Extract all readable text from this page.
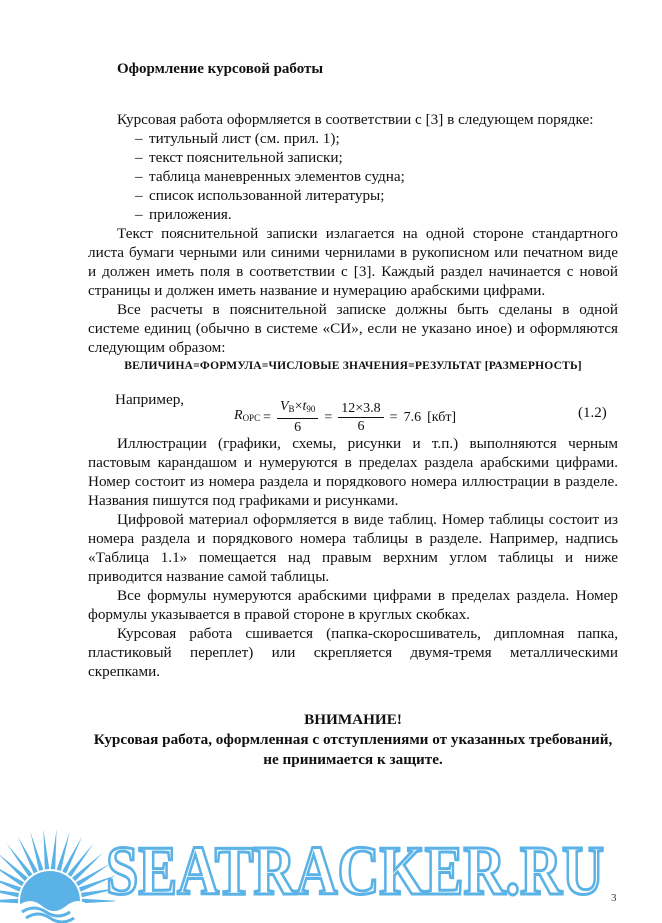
Оформление курсовой работы

Курсовая работа оформляется в соответствии с [3] в следующем порядке:

– титульный лист (см. прил. 1);
– текст пояснительной записки;
– таблица маневренных элементов судна;
– список использованной литературы;
– приложения.

Текст пояснительной записки излагается на одной стороне стандартного листа бумаги черными или синими чернилами в рукописном или печатном виде и должен иметь поля в соответствии с [3]. Каждый раздел начинается с новой страницы и должен иметь название и нумерацию арабскими цифрами.

Все расчеты в пояснительной записке должны быть сделаны в одной системе единиц (обычно в системе «СИ», если не указано иное) и оформляются следующим образом:

ВЕЛИЧИНА=ФОРМУЛА=ЧИСЛОВЫЕ ЗНАЧЕНИЯ=РЕЗУЛЬТАТ [РАЗМЕРНОСТЬ]

Например,
$R_{OPC} = \frac{V_B\times t_{90}}{6} = \frac{12\times 3.8}{6} = 7.6$ [кбт]	(1.2)

Иллюстрации (графики, схемы, рисунки и т.п.) выполняются черным пастовым карандашом и нумеруются в пределах раздела арабскими цифрами. Номер состоит из номера раздела и порядкового номера иллюстрации в разделе. Названия пишутся под графиками и рисунками.

Цифровой материал оформляется в виде таблиц. Номер таблицы состоит из номера раздела и порядкового номера таблицы в разделе. Например, надпись «Таблица 1.1» помещается над правым верхним углом таблицы и ниже приводится название самой таблицы.

Все формулы нумеруются арабскими цифрами в пределах раздела. Номер формулы указывается в правой стороне в круглых скобках.

Курсовая работа сшивается (папка-скоросшиватель, дипломная папка, пластиковый переплет) или скрепляется двумя-тремя металлическими скрепками.

ВНИМАНИЕ!
Курсовая работа, оформленная с отступлениями от указанных требований, не принимается к защите.
SEATRACKER.RU 3
